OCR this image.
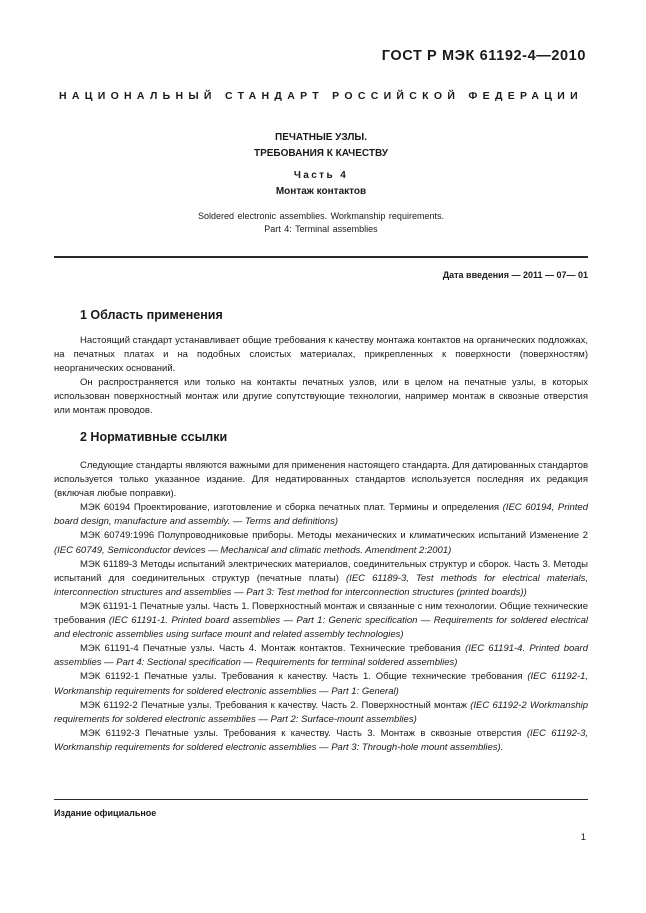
ГОСТ Р МЭК 61192-4—2010
НАЦИОНАЛЬНЫЙ СТАНДАРТ РОССИЙСКОЙ ФЕДЕРАЦИИ
ПЕЧАТНЫЕ УЗЛЫ.
ТРЕБОВАНИЯ К КАЧЕСТВУ
Часть 4
Монтаж контактов
Soldered electronic assemblies. Workmanship requirements.
Part 4: Terminal assemblies
Дата введения — 2011 — 07— 01
1 Область применения

Настоящий стандарт устанавливает общие требования к качеству монтажа контактов на органических подложках, на печатных платах и на подобных слоистых материалах, прикрепленных к поверхности (поверхностям) неорганических оснований.

Он распространяется или только на контакты печатных узлов, или в целом на печатные узлы, в которых использован поверхностный монтаж или другие сопутствующие технологии, например монтаж в сквозные отверстия или монтаж проводов.

2 Нормативные ссылки

Следующие стандарты являются важными для применения настоящего стандарта. Для датированных стандартов используется только указанное издание. Для недатированных стандартов используется последняя их редакция (включая любые поправки).

МЭК 60194 Проектирование, изготовление и сборка печатных плат. Термины и определения (IEC 60194, Printed board design, manufacture and assembly. — Terms and definitions)

МЭК 60749:1996 Полупроводниковые приборы. Методы механических и климатических испытаний Изменение 2 (IEC 60749, Semiconductor devices — Mechanical and climatic methods. Amendment 2:2001)

МЭК 61189-3 Методы испытаний электрических материалов, соединительных структур и сборок. Часть 3. Методы испытаний для соединительных структур (печатные платы) (IEC 61189-3, Test methods for electrical materials, interconnection structures and assemblies — Part 3: Test method for interconnection structures (printed boards))

МЭК 61191-1 Печатные узлы. Часть 1. Поверхностный монтаж и связанные с ним технологии. Общие технические требования (IEC 61191-1. Printed board assemblies — Part 1: Generic specification — Requirements for soldered electrical and electronic assemblies using surface mount and related assembly technologies)

МЭК 61191-4 Печатные узлы. Часть 4. Монтаж контактов. Технические требования (IEC 61191-4. Printed board assemblies — Part 4: Sectional specification — Requirements for terminal soldered assemblies)

МЭК 61192-1 Печатные узлы. Требования к качеству. Часть 1. Общие технические требования (IEC 61192-1, Workmanship requirements for soldered electronic assemblies — Part 1: General)

МЭК 61192-2 Печатные узлы. Требования к качеству. Часть 2. Поверхностный монтаж (IEC 61192-2 Workmanship requirements for soldered electronic assemblies — Part 2: Surface-mount assemblies)

МЭК 61192-3 Печатные узлы. Требования к качеству. Часть 3. Монтаж в сквозные отверстия (IEC 61192-3, Workmanship requirements for soldered electronic assemblies — Part 3: Through-hole mount assemblies).

Издание официальное
1
